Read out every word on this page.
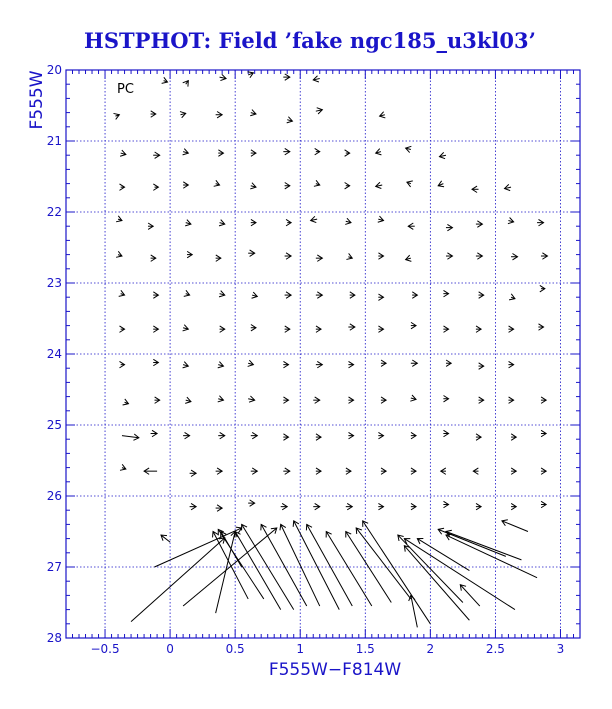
HSTPHOT: Field ’fake ngc185_u3kl03’
−0.5	0	0.5	1	1.5	2	2.5	3
20
21
22
23
24
25
26
27
28
PC
F555W−F814W
F555W
